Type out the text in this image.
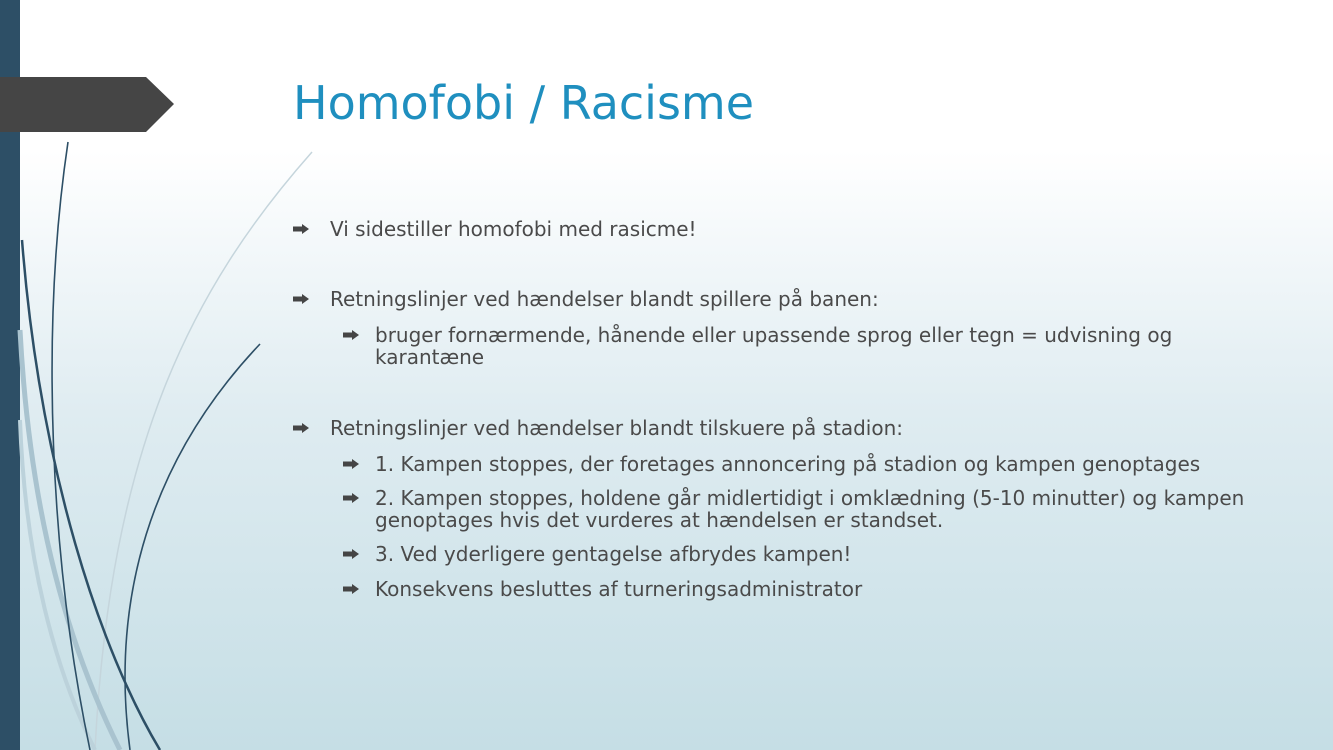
Homofobi / Racisme

Vi sidestiller homofobi med rasicme!

Retningslinjer ved hændelser blandt spillere på banen:

bruger fornærmende, hånende eller upassende sprog eller tegn = udvisning og karantæne

Retningslinjer ved hændelser blandt tilskuere på stadion:

1. Kampen stoppes, der foretages annoncering på stadion og kampen genoptages

2. Kampen stoppes, holdene går midlertidigt i omklædning (5-10 minutter) og kampen genoptages hvis det vurderes at hændelsen er standset.

3. Ved yderligere gentagelse afbrydes kampen!

Konsekvens besluttes af turneringsadministrator
